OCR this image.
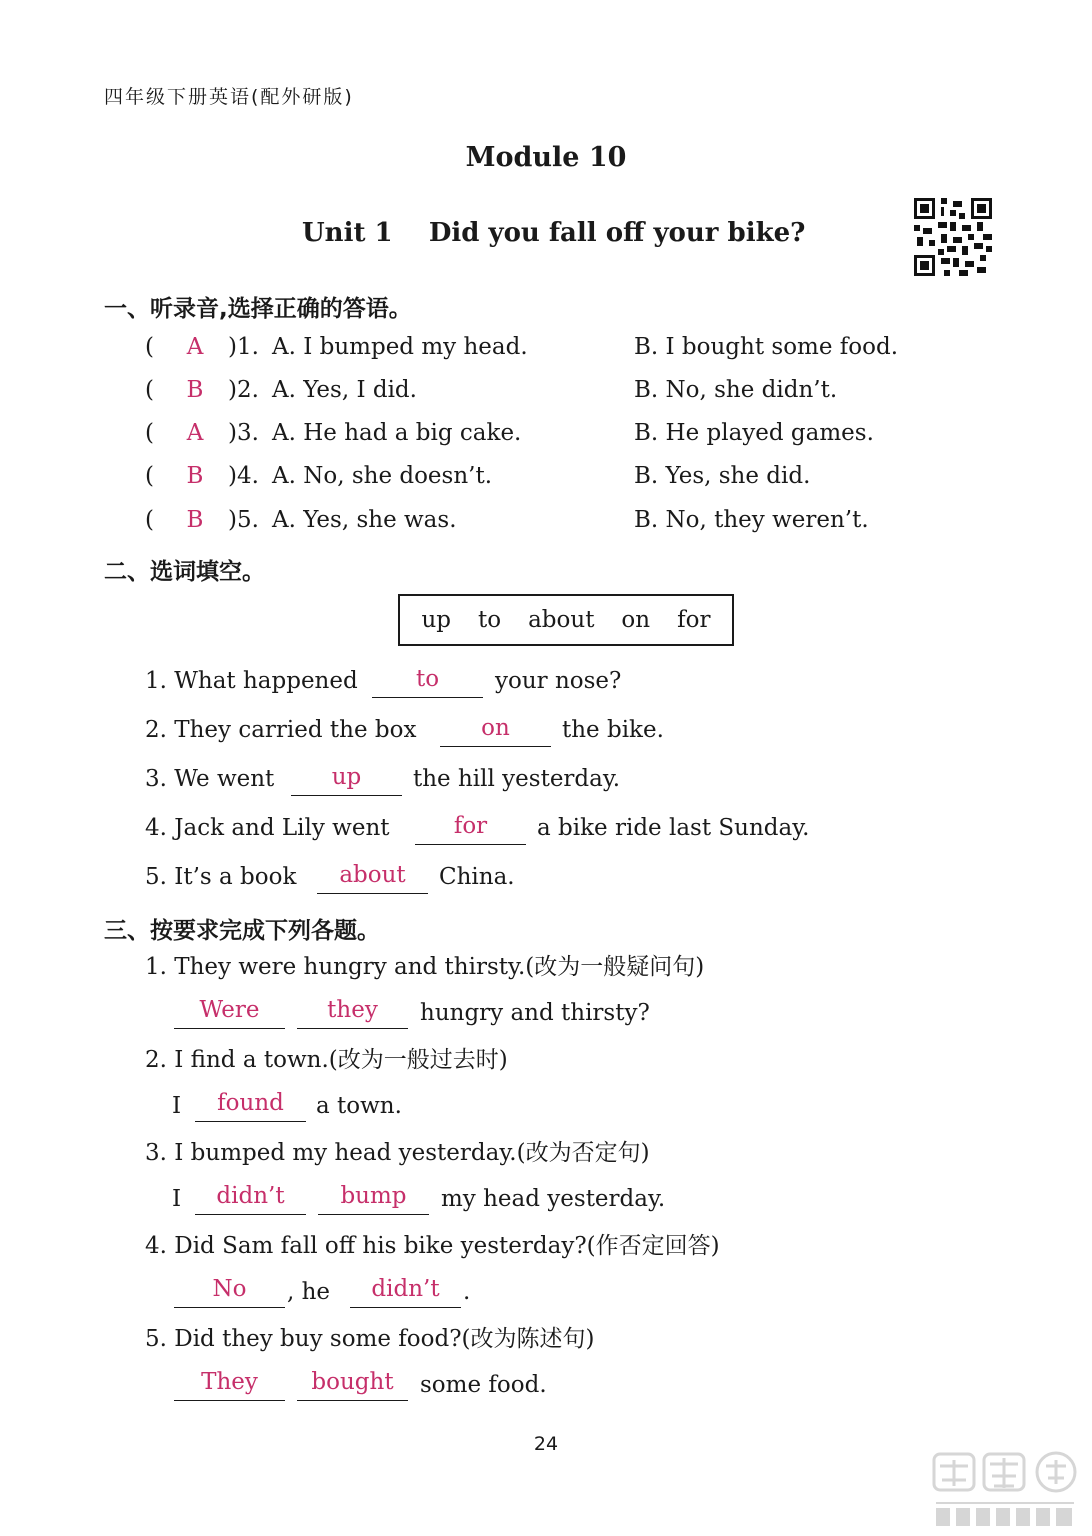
四年级下册英语(配外研版)
Module 10
Unit 1    Did you fall off your bike?
一、听录音,选择正确的答语。
( A )1. A. I bumped my head.	B. I bought some food.
( B )2. A. Yes, I did.	B. No, she didn’t.
( A )3. A. He had a big cake.	B. He played games.
( B )4. A. No, she doesn’t.	B. Yes, she did.
( B )5. A. Yes, she was.	B. No, they weren’t.
二、选词填空。
up to about on for
1. What happened	to	your nose?
2. They carried the box	on	the bike.
3. We went	up	the hill yesterday.
4. Jack and Lily went	for	a bike ride last Sunday.
5. It’s a book	about	China.
三、按要求完成下列各题。
1. They were hungry and thirsty.(改为一般疑问句)
Were	they	hungry and thirsty?
2. I find a town.(改为一般过去时)
I	found	a town.
3. I bumped my head yesterday.(改为否定句)
I	didn’t	bump	my head yesterday.
4. Did Sam fall off his bike yesterday?(作否定回答)
No	, he	didn’t	.
5. Did they buy some food?(改为陈述句)
They	bought	some food.
24
